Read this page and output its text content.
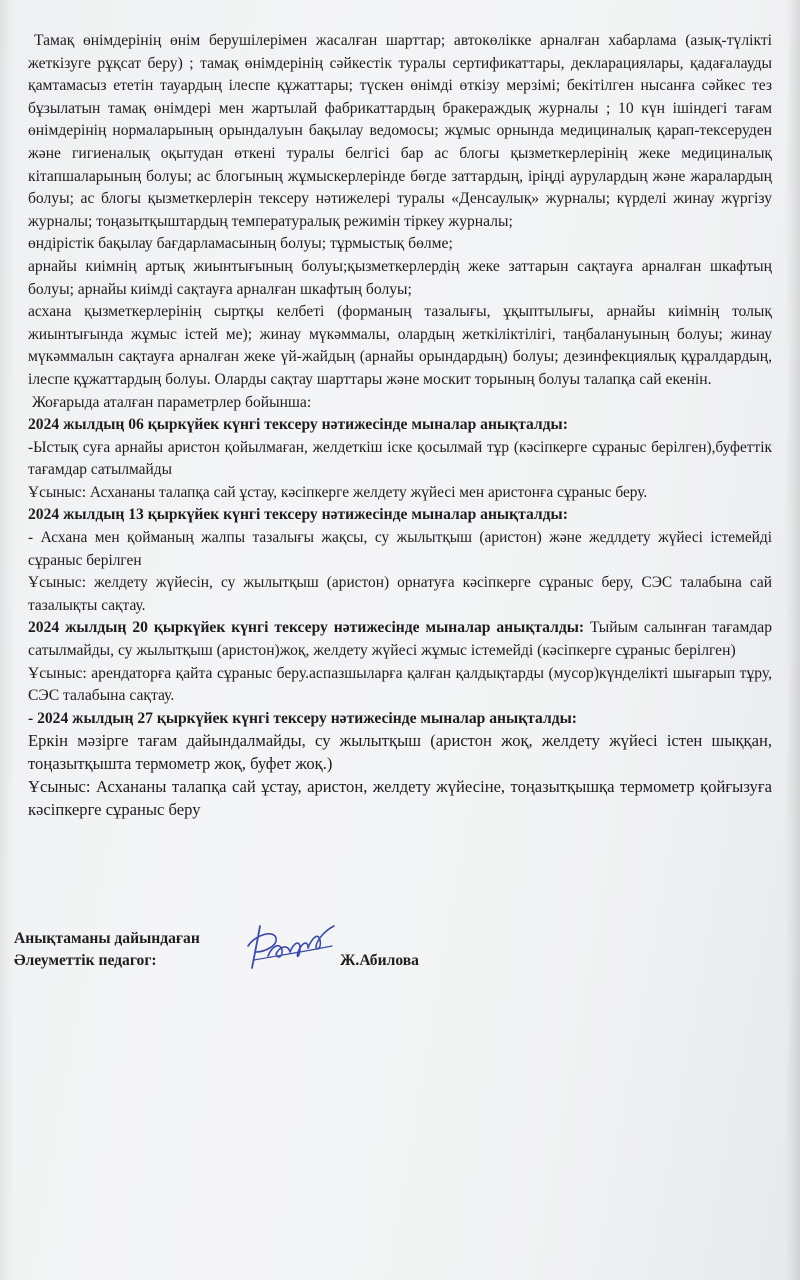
Тамақ өнімдерінің өнім берушілерімен жасалған шарттар; автокөлікке арналған хабарлама (азық-түлікті жеткізуге рұқсат беру) ; тамақ өнімдерінің сәйкестік туралы сертификаттары, декларациялары, қадағалауды қамтамасыз ететін тауардың ілеспе құжаттары; түскен өнімді өткізу мерзімі; бекітілген нысанға сәйкес тез бұзылатын тамақ өнімдері мен жартылай фабрикаттардың бракераждық журналы ; 10 күн ішіндегі тағам өнімдерінің нормаларының орындалуын бақылау ведомосы; жұмыс орнында медициналық қарап-тексеруден және гигиеналық оқытудан өткені туралы белгісі бар ас блогы қызметкерлерінің жеке медициналық кітапшаларының болуы; ас блогының жұмыскерлерінде бөгде заттардың, іріңді аурулардың және жаралардың болуы; ас блогы қызметкерлерін тексеру нәтижелері туралы «Денсаулық» журналы; күрделі жинау жүргізу журналы; тоңазытқыштардың температуралық режимін тіркеу журналы;

өндірістік бақылау бағдарламасының болуы; тұрмыстық бөлме;

арнайы киімнің артық жиынтығының болуы;қызметкерлердің жеке заттарын сақтауға арналған шкафтың болуы; арнайы киімді сақтауға арналған шкафтың болуы;

асхана қызметкерлерінің сыртқы келбеті (форманың тазалығы, ұқыптылығы, арнайы киімнің толық жиынтығында жұмыс істей ме); жинау мүкәммалы, олардың жеткіліктілігі, таңбалануының болуы; жинау мүкәммалын сақтауға арналған жеке үй-жайдың (арнайы орындардың) болуы; дезинфекциялық құралдардың, ілеспе құжаттардың болуы. Оларды сақтау шарттары және москит торының болуы талапқа сай екенін.

Жоғарыда аталған параметрлер бойынша:

2024 жылдың 06 қыркүйек күнгі тексеру нәтижесінде мыналар анықталды:

-Ыстық суға арнайы аристон қойылмаған, желдеткіш іске қосылмай тұр (кәсіпкерге сұраныс берілген),буфеттік тағамдар сатылмайды

Ұсыныс: Асхананы талапқа сай ұстау, кәсіпкерге желдету жүйесі мен аристонға сұраныс беру.

2024 жылдың 13 қыркүйек күнгі тексеру нәтижесінде мыналар анықталды:

- Асхана мен қойманың жалпы тазалығы жақсы, су жылытқыш (аристон) және жедлдету жүйесі істемейді сұраныс берілген

Ұсыныс: желдету жүйесін, су жылытқыш (аристон) орнатуға кәсіпкерге сұраныс беру, СЭС талабына сай тазалықты сақтау.

2024 жылдың 20 қыркүйек күнгі тексеру нәтижесінде мыналар анықталды: Тыйым салынған тағамдар сатылмайды, су жылытқыш (аристон)жоқ, желдету жүйесі жұмыс істемейді (кәсіпкерге сұраныс берілген)

Ұсыныс: арендаторға қайта сұраныс беру.аспазшыларға қалған қалдықтарды (мусор)күнделікті шығарып тұру, СЭС талабына сақтау.

- 2024 жылдың 27 қыркүйек күнгі тексеру нәтижесінде мыналар анықталды:

Еркін мәзірге тағам дайындалмайды, су жылытқыш (аристон жоқ, желдету жүйесі істен шыққан, тоңазытқышта термометр жоқ, буфет жоқ.)

Ұсыныс: Асхананы талапқа сай ұстау, аристон, желдету жүйесіне, тоңазытқышқа термометр қойғызуға кәсіпкерге сұраныс беру

Анықтаманы дайындаған
Әлеуметтік педагог:	Ж.Абилова
